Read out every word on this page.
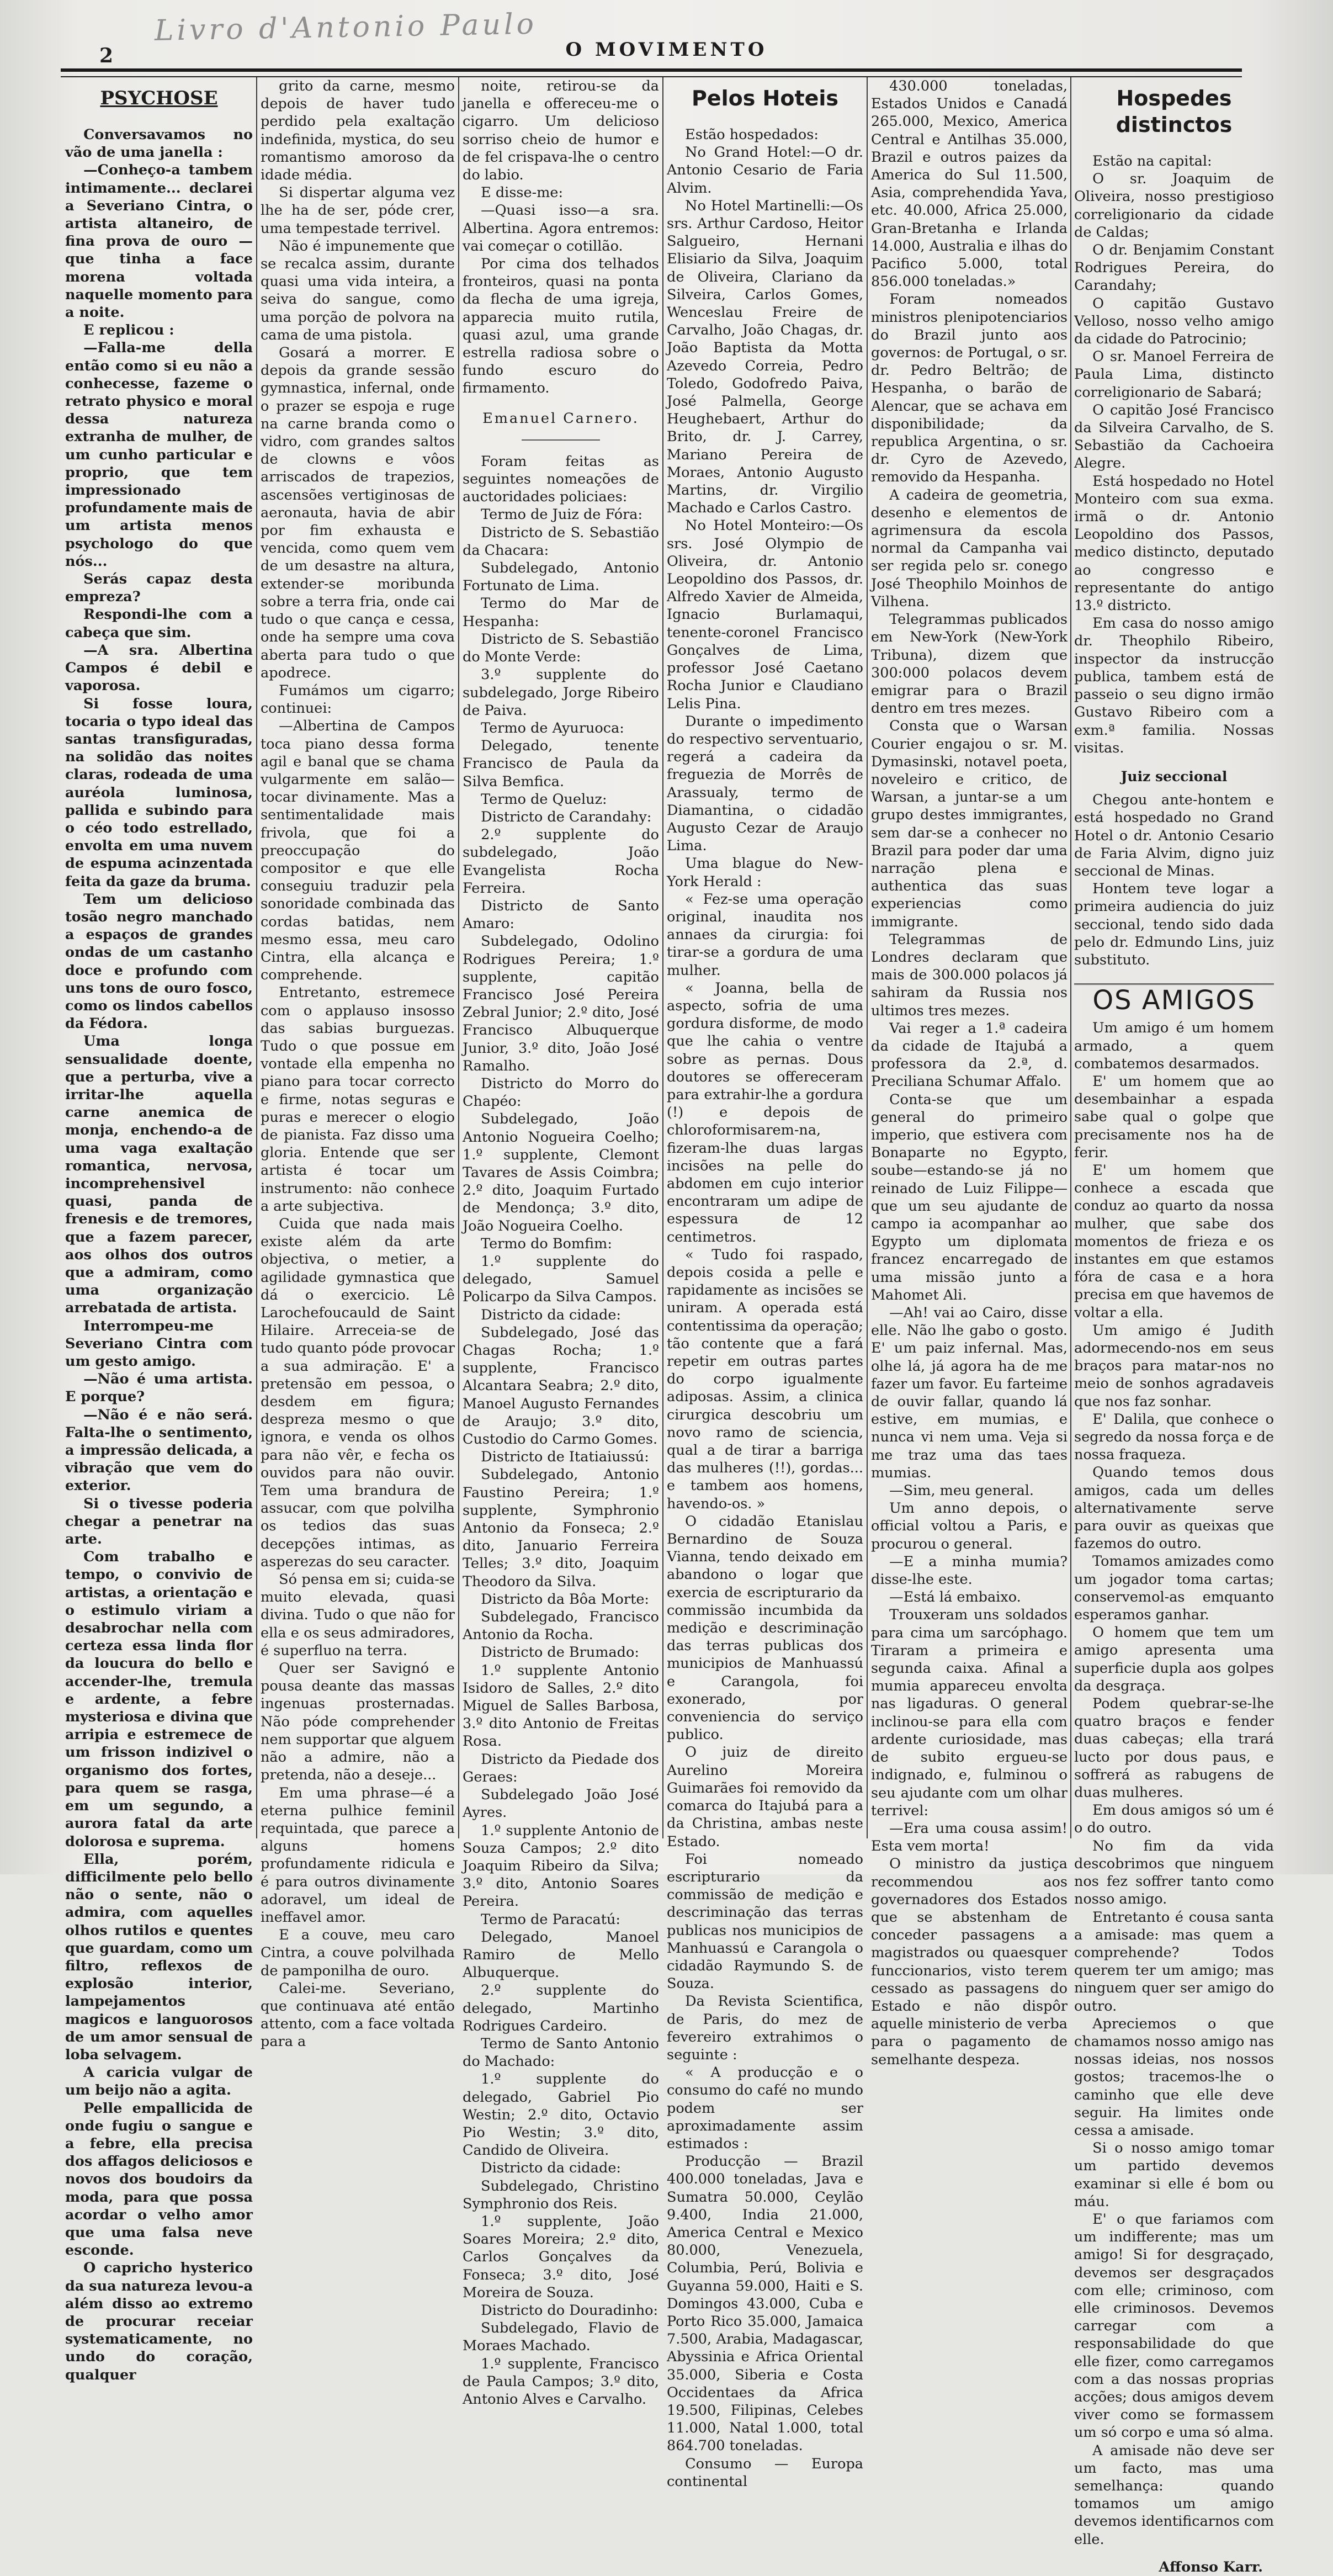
Livro d'Antonio Paulo
2	O MOVIMENTO
PSYCHOSE

Conversavamos no vão de uma janella :

—Conheço-a tambem intimamente... declarei a Severiano Cintra, o artista altaneiro, de fina prova de ouro — que tinha a face morena voltada naquelle momento para a noite.

E replicou :

—Falla-me della então como si eu não a conhecesse, fazeme o retrato physico e moral dessa natureza extranha de mulher, de um cunho particular e proprio, que tem impressionado profundamente mais de um artista menos psychologo do que nós...

Serás capaz desta empreza?

Respondi-lhe com a cabeça que sim.

—A sra. Albertina Campos é debil e vaporosa.

Si fosse loura, tocaria o typo ideal das santas transfiguradas, na solidão das noites claras, rodeada de uma auréola luminosa, pallida e subindo para o céo todo estrellado, envolta em uma nuvem de espuma acinzentada feita da gaze da bruma.

Tem um delicioso tosão negro manchado a espaços de grandes ondas de um castanho doce e profundo com uns tons de ouro fosco, como os lindos cabellos da Fédora.

Uma longa sensualidade doente, que a perturba, vive a irritar-lhe aquella carne anemica de monja, enchendo-a de uma vaga exaltação romantica, nervosa, incomprehensivel quasi, panda de frenesis e de tremores, que a fazem parecer, aos olhos dos outros que a admiram, como uma organização arrebatada de artista.

Interrompeu-me Severiano Cintra com um gesto amigo.

—Não é uma artista. E porque?

—Não é e não será. Falta-lhe o sentimento, a impressão delicada, a vibração que vem do exterior.

Si o tivesse poderia chegar a penetrar na arte.

Com trabalho e tempo, o convivio de artistas, a orientação e o estimulo viriam a desabrochar nella com certeza essa linda flor da loucura do bello e accender-lhe, tremula e ardente, a febre mysteriosa e divina que arripia e estremece de um frisson indizivel o organismo dos fortes, para quem se rasga, em um segundo, a aurora fatal da arte dolorosa e suprema.

Ella, porém, difficilmente pelo bello não o sente, não o admira, com aquelles olhos rutilos e quentes que guardam, como um filtro, reflexos de explosão interior, lampejamentos magicos e languorosos de um amor sensual de loba selvagem.

A caricia vulgar de um beijo não a agita.

Pelle empallicida de onde fugiu o sangue e a febre, ella precisa dos affagos deliciosos e novos dos boudoirs da moda, para que possa acordar o velho amor que uma falsa neve esconde.

O capricho hysterico da sua natureza levou-a além disso ao extremo de procurar receiar systematicamente, no undo do coração, qualquer

grito da carne, mesmo depois de haver tudo perdido pela exaltação indefinida, mystica, do seu romantismo amoroso da idade média.

Si dispertar alguma vez lhe ha de ser, póde crer, uma tempestade terrivel.

Não é impunemente que se recalca assim, durante quasi uma vida inteira, a seiva do sangue, como uma porção de polvora na cama de uma pistola.

Gosará a morrer. E depois da grande sessão gymnastica, infernal, onde o prazer se espoja e ruge na carne branda como o vidro, com grandes saltos de clowns e vôos arriscados de trapezios, ascensões vertiginosas de aeronauta, havia de abir por fim exhausta e vencida, como quem vem de um desastre na altura, extender-se moribunda sobre a terra fria, onde cai tudo o que cança e cessa, onde ha sempre uma cova aberta para tudo o que apodrece.

Fumámos um cigarro; continuei:

—Albertina de Campos toca piano dessa forma agil e banal que se chama vulgarmente em salão—tocar divinamente. Mas a sentimentalidade mais frivola, que foi a preoccupação do compositor e que elle conseguiu traduzir pela sonoridade combinada das cordas batidas, nem mesmo essa, meu caro Cintra, ella alcança e comprehende.

Entretanto, estremece com o applauso insosso das sabias burguezas. Tudo o que possue em vontade ella empenha no piano para tocar correcto e firme, notas seguras e puras e merecer o elogio de pianista. Faz disso uma gloria. Entende que ser artista é tocar um instrumento: não conhece a arte subjectiva.

Cuida que nada mais existe além da arte objectiva, o metier, a agilidade gymnastica que dá o exercicio. Lê Larochefoucauld de Saint Hilaire. Arreceia-se de tudo quanto póde provocar a sua admiração. E' a pretensão em pessoa, o desdem em figura; despreza mesmo o que ignora, e venda os olhos para não vêr, e fecha os ouvidos para não ouvir. Tem uma brandura de assucar, com que polvilha os tedios das suas decepções intimas, as asperezas do seu caracter.

Só pensa em si; cuida-se muito elevada, quasi divina. Tudo o que não for ella e os seus admiradores, é superfluo na terra.

Quer ser Savignó e pousa deante das massas ingenuas prosternadas. Não póde comprehender nem supportar que alguem não a admire, não a pretenda, não a deseje...

Em uma phrase—é a eterna pulhice feminil requintada, que parece a alguns homens profundamente ridicula e é para outros divinamente adoravel, um ideal de ineffavel amor.

E a couve, meu caro Cintra, a couve polvilhada de pamponilha de ouro.

Calei-me. Severiano, que continuava até então attento, com a face voltada para a

noite, retirou-se da janella e offereceu-me o cigarro. Um delicioso sorriso cheio de humor e de fel crispava-lhe o centro do labio.

E disse-me:

—Quasi isso—a sra. Albertina. Agora entremos: vai começar o cotillão.

Por cima dos telhados fronteiros, quasi na ponta da flecha de uma igreja, apparecia muito rutila, quasi azul, uma grande estrella radiosa sobre o fundo escuro do firmamento.

Emanuel Carnero.

Foram feitas as seguintes nomeações de auctoridades policiaes:

Termo de Juiz de Fóra:

Districto de S. Sebastião da Chacara:

Subdelegado, Antonio Fortunato de Lima.

Termo do Mar de Hespanha:

Districto de S. Sebastião do Monte Verde:

3.º supplente do subdelegado, Jorge Ribeiro de Paiva.

Termo de Ayuruoca:

Delegado, tenente Francisco de Paula da Silva Bemfica.

Termo de Queluz:

Districto de Carandahy:

2.º supplente do subdelegado, João Evangelista Rocha Ferreira.

Districto de Santo Amaro:

Subdelegado, Odolino Rodrigues Pereira; 1.º supplente, capitão Francisco José Pereira Zebral Junior; 2.º dito, José Francisco Albuquerque Junior, 3.º dito, João José Ramalho.

Districto do Morro do Chapéo:

Subdelegado, João Antonio Nogueira Coelho; 1.º supplente, Clemont Tavares de Assis Coimbra; 2.º dito, Joaquim Furtado de Mendonça; 3.º dito, João Nogueira Coelho.

Termo do Bomfim:

1.º supplente do delegado, Samuel Policarpo da Silva Campos.

Districto da cidade:

Subdelegado, José das Chagas Rocha; 1.º supplente, Francisco Alcantara Seabra; 2.º dito, Manoel Augusto Fernandes de Araujo; 3.º dito, Custodio do Carmo Gomes.

Districto de Itatiaiussú:

Subdelegado, Antonio Faustino Pereira; 1.º supplente, Symphronio Antonio da Fonseca; 2.º dito, Januario Ferreira Telles; 3.º dito, Joaquim Theodoro da Silva.

Districto da Bôa Morte:

Subdelegado, Francisco Antonio da Rocha.

Districto de Brumado:

1.º supplente Antonio Isidoro de Salles, 2.º dito Miguel de Salles Barbosa, 3.º dito Antonio de Freitas Rosa.

Districto da Piedade dos Geraes:

Subdelegado João José Ayres.

1.º supplente Antonio de Souza Campos; 2.º dito Joaquim Ribeiro da Silva; 3.º dito, Antonio Soares Pereira.

Termo de Paracatú:

Delegado, Manoel Ramiro de Mello Albuquerque.

2.º supplente do delegado, Martinho Rodrigues Cardeiro.

Termo de Santo Antonio do Machado:

1.º supplente do delegado, Gabriel Pio Westin; 2.º dito, Octavio Pio Westin; 3.º dito, Candido de Oliveira.

Districto da cidade:

Subdelegado, Christino Symphronio dos Reis.

1.º supplente, João Soares Moreira; 2.º dito, Carlos Gonçalves da Fonseca; 3.º dito, José Moreira de Souza.

Districto do Douradinho:

Subdelegado, Flavio de Moraes Machado.

1.º supplente, Francisco de Paula Campos; 3.º dito, Antonio Alves e Carvalho.

Pelos Hoteis

Estão hospedados:

No Grand Hotel:—O dr. Antonio Cesario de Faria Alvim.

No Hotel Martinelli:—Os srs. Arthur Cardoso, Heitor Salgueiro, Hernani Elisiario da Silva, Joaquim de Oliveira, Clariano da Silveira, Carlos Gomes, Wenceslau Freire de Carvalho, João Chagas, dr. João Baptista da Motta Azevedo Correia, Pedro Toledo, Godofredo Paiva, José Palmella, George Heughebaert, Arthur do Brito, dr. J. Carrey, Mariano Pereira de Moraes, Antonio Augusto Martins, dr. Virgilio Machado e Carlos Castro.

No Hotel Monteiro:—Os srs. José Olympio de Oliveira, dr. Antonio Leopoldino dos Passos, dr. Alfredo Xavier de Almeida, Ignacio Burlamaqui, tenente-coronel Francisco Gonçalves de Lima, professor José Caetano Rocha Junior e Claudiano Lelis Pina.

Durante o impedimento do respectivo serventuario, regerá a cadeira da freguezia de Morrês de Arassualy, termo de Diamantina, o cidadão Augusto Cezar de Araujo Lima.

Uma blague do New-York Herald :

« Fez-se uma operação original, inaudita nos annaes da cirurgia: foi tirar-se a gordura de uma mulher.

« Joanna, bella de aspecto, sofria de uma gordura disforme, de modo que lhe cahia o ventre sobre as pernas. Dous doutores se offereceram para extrahir-lhe a gordura (!) e depois de chloroformisarem-na, fizeram-lhe duas largas incisões na pelle do abdomen em cujo interior encontraram um adipe de espessura de 12 centimetros.

« Tudo foi raspado, depois cosida a pelle e rapidamente as incisões se uniram. A operada está contentissima da operação; tão contente que a fará repetir em outras partes do corpo igualmente adiposas. Assim, a clinica cirurgica descobriu um novo ramo de sciencia, qual a de tirar a barriga das mulheres (!!), gordas... e tambem aos homens, havendo-os. »

O cidadão Etanislau Bernardino de Souza Vianna, tendo deixado em abandono o logar que exercia de escripturario da commissão incumbida da medição e descriminação das terras publicas dos municipios de Manhuassú e Carangola, foi exonerado, por conveniencia do serviço publico.

O juiz de direito Aurelino Moreira Guimarães foi removido da comarca do Itajubá para a da Christina, ambas neste Estado.

Foi nomeado escripturario da commissão de medição e descriminação das terras publicas nos municipios de Manhuassú e Carangola o cidadão Raymundo S. de Souza.

Da Revista Scientifica, de Paris, do mez de fevereiro extrahimos o seguinte :

« A producção e o consumo do café no mundo podem ser aproximadamente assim estimados :

Producção — Brazil 400.000 toneladas, Java e Sumatra 50.000, Ceylão 9.400, India 21.000, America Central e Mexico 80.000, Venezuela, Columbia, Perú, Bolivia e Guyanna 59.000, Haiti e S. Domingos 43.000, Cuba e Porto Rico 35.000, Jamaica 7.500, Arabia, Madagascar, Abyssinia e Africa Oriental 35.000, Siberia e Costa Occidentaes da Africa 19.500, Filipinas, Celebes 11.000, Natal 1.000, total 864.700 toneladas.

Consumo — Europa continental

430.000 toneladas, Estados Unidos e Canadá 265.000, Mexico, America Central e Antilhas 35.000, Brazil e outros paizes da America do Sul 11.500, Asia, comprehendida Yava, etc. 40.000, Africa 25.000, Gran-Bretanha e Irlanda 14.000, Australia e ilhas do Pacifico 5.000, total 856.000 toneladas.»

Foram nomeados ministros plenipotenciarios do Brazil junto aos governos: de Portugal, o sr. dr. Pedro Beltrão; de Hespanha, o barão de Alencar, que se achava em disponibilidade; da republica Argentina, o sr. dr. Cyro de Azevedo, removido da Hespanha.

A cadeira de geometria, desenho e elementos de agrimensura da escola normal da Campanha vai ser regida pelo sr. conego José Theophilo Moinhos de Vilhena.

Telegrammas publicados em New-York (New-York Tribuna), dizem que 300:000 polacos devem emigrar para o Brazil dentro em tres mezes.

Consta que o Warsan Courier engajou o sr. M. Dymasinski, notavel poeta, noveleiro e critico, de Warsan, a juntar-se a um grupo destes immigrantes, sem dar-se a conhecer no Brazil para poder dar uma narração plena e authentica das suas experiencias como immigrante.

Telegrammas de Londres declaram que mais de 300.000 polacos já sahiram da Russia nos ultimos tres mezes.

Vai reger a 1.ª cadeira da cidade de Itajubá a professora da 2.ª, d. Preciliana Schumar Affalo.

Conta-se que um general do primeiro imperio, que estivera com Bonaparte no Egypto, soube—estando-se já no reinado de Luiz Filippe—que um seu ajudante de campo ia acompanhar ao Egypto um diplomata francez encarregado de uma missão junto a Mahomet Ali.

—Ah! vai ao Cairo, disse elle. Não lhe gabo o gosto. E' um paiz infernal. Mas, olhe lá, já agora ha de me fazer um favor. Eu farteime de ouvir fallar, quando lá estive, em mumias, e nunca vi nem uma. Veja si me traz uma das taes mumias.

—Sim, meu general.

Um anno depois, o official voltou a Paris, e procurou o general.

—E a minha mumia? disse-lhe este.

—Está lá embaixo.

Trouxeram uns soldados para cima um sarcóphago. Tiraram a primeira e segunda caixa. Afinal a mumia appareceu envolta nas ligaduras. O general inclinou-se para ella com ardente curiosidade, mas de subito ergueu-se indignado, e, fulminou o seu ajudante com um olhar terrivel:

—Era uma cousa assim! Esta vem morta!

O ministro da justiça recommendou aos governadores dos Estados que se abstenham de conceder passagens a magistrados ou quaesquer funccionarios, visto terem cessado as passagens do Estado e não dispôr aquelle ministerio de verba para o pagamento de semelhante despeza.

Hospedes distinctos

Estão na capital:

O sr. Joaquim de Oliveira, nosso prestigioso correligionario da cidade de Caldas;

O dr. Benjamim Constant Rodrigues Pereira, do Carandahy;

O capitão Gustavo Velloso, nosso velho amigo da cidade do Patrocinio;

O sr. Manoel Ferreira de Paula Lima, distincto correligionario de Sabará;

O capitão José Francisco da Silveira Carvalho, de S. Sebastião da Cachoeira Alegre.

Está hospedado no Hotel Monteiro com sua exma. irmã o dr. Antonio Leopoldino dos Passos, medico distincto, deputado ao congresso e representante do antigo 13.º districto.

Em casa do nosso amigo dr. Theophilo Ribeiro, inspector da instrucção publica, tambem está de passeio o seu digno irmão Gustavo Ribeiro com a exm.ª familia. Nossas visitas.

Juiz seccional

Chegou ante-hontem e está hospedado no Grand Hotel o dr. Antonio Cesario de Faria Alvim, digno juiz seccional de Minas.

Hontem teve logar a primeira audiencia do juiz seccional, tendo sido dada pelo dr. Edmundo Lins, juiz substituto.

OS AMIGOS

Um amigo é um homem armado, a quem combatemos desarmados.

E' um homem que ao desembainhar a espada sabe qual o golpe que precisamente nos ha de ferir.

E' um homem que conhece a escada que conduz ao quarto da nossa mulher, que sabe dos momentos de frieza e os instantes em que estamos fóra de casa e a hora precisa em que havemos de voltar a ella.

Um amigo é Judith adormecendo-nos em seus braços para matar-nos no meio de sonhos agradaveis que nos faz sonhar.

E' Dalila, que conhece o segredo da nossa força e de nossa fraqueza.

Quando temos dous amigos, cada um delles alternativamente serve para ouvir as queixas que fazemos do outro.

Tomamos amizades como um jogador toma cartas; conservemol-as emquanto esperamos ganhar.

O homem que tem um amigo apresenta uma superficie dupla aos golpes da desgraça.

Podem quebrar-se-lhe quatro braços e fender duas cabeças; ella trará lucto por dous paus, e soffrerá as rabugens de duas mulheres.

Em dous amigos só um é o do outro.

No fim da vida descobrimos que ninguem nos fez soffrer tanto como nosso amigo.

Entretanto é cousa santa a amisade: mas quem a comprehende? Todos querem ter um amigo; mas ninguem quer ser amigo do outro.

Apreciemos o que chamamos nosso amigo nas nossas ideias, nos nossos gostos; tracemos-lhe o caminho que elle deve seguir. Ha limites onde cessa a amisade.

Si o nosso amigo tomar um partido devemos examinar si elle é bom ou máu.

E' o que fariamos com um indifferente; mas um amigo! Si for desgraçado, devemos ser desgraçados com elle; criminoso, com elle criminosos. Devemos carregar com a responsabilidade do que elle fizer, como carregamos com a das nossas proprias acções; dous amigos devem viver como se formassem um só corpo e uma só alma.

A amisade não deve ser um facto, mas uma semelhança: quando tomamos um amigo devemos identificarnos com elle.

Affonso Karr.
